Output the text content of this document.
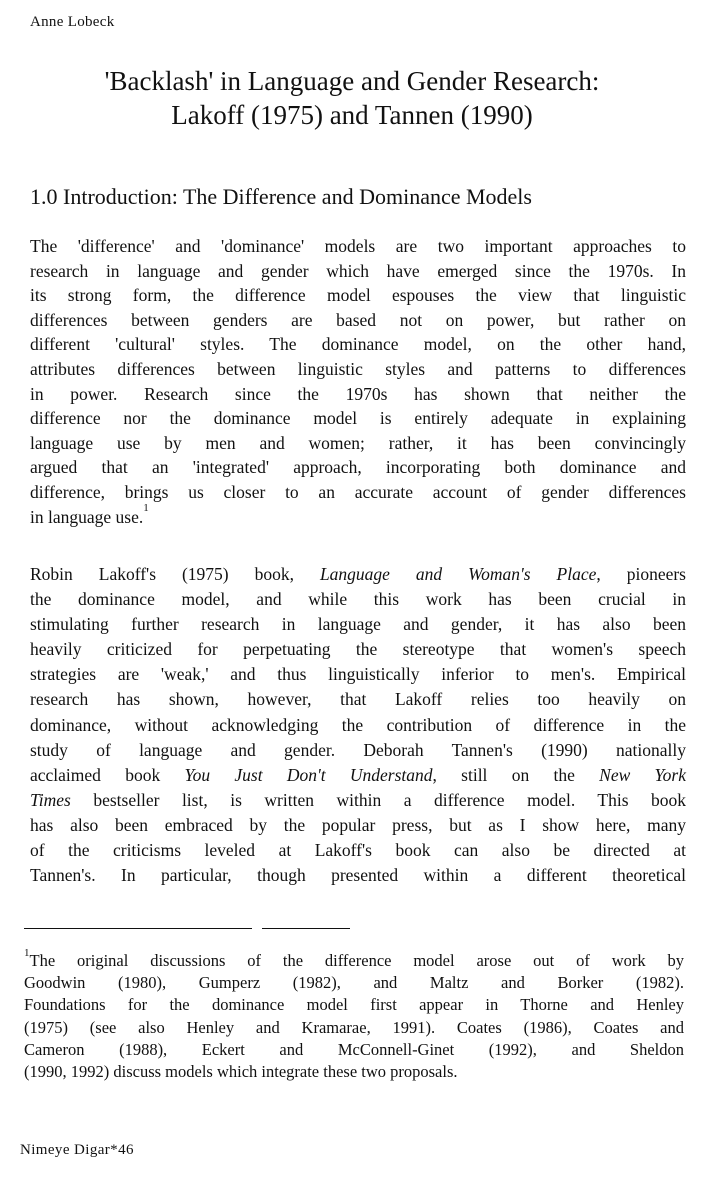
Anne Lobeck
'Backlash' in Language and Gender Research:
Lakoff (1975) and Tannen (1990)
1.0 Introduction: The Difference and Dominance Models
The 'difference' and 'dominance' models are two important approaches to
research in language and gender which have emerged since the 1970s. In
its strong form, the difference model espouses the view that linguistic
differences between genders are based not on power, but rather on
different 'cultural' styles. The dominance model, on the other hand,
attributes differences between linguistic styles and patterns to differences
in power. Research since the 1970s has shown that neither the
difference nor the dominance model is entirely adequate in explaining
language use by men and women; rather, it has been convincingly
argued that an 'integrated' approach, incorporating both dominance and
difference, brings us closer to an accurate account of gender differences
in language use.$^1$
Robin Lakoff's (1975) book, Language and Woman's Place, pioneers
the dominance model, and while this work has been crucial in
stimulating further research in language and gender, it has also been
heavily criticized for perpetuating the stereotype that women's speech
strategies are 'weak,' and thus linguistically inferior to men's. Empirical
research has shown, however, that Lakoff relies too heavily on
dominance, without acknowledging the contribution of difference in the
study of language and gender. Deborah Tannen's (1990) nationally
acclaimed book You Just Don't Understand, still on the New York
Times bestseller list, is written within a difference model. This book
has also been embraced by the popular press, but as I show here, many
of the criticisms leveled at Lakoff's book can also be directed at
Tannen's. In particular, though presented within a different theoretical
$^1$The original discussions of the difference model arose out of work by
Goodwin (1980), Gumperz (1982), and Maltz and Borker (1982).
Foundations for the dominance model first appear in Thorne and Henley
(1975) (see also Henley and Kramarae, 1991). Coates (1986), Coates and
Cameron (1988), Eckert and McConnell-Ginet (1992), and Sheldon
(1990, 1992) discuss models which integrate these two proposals.
Nimeye Digar*46
